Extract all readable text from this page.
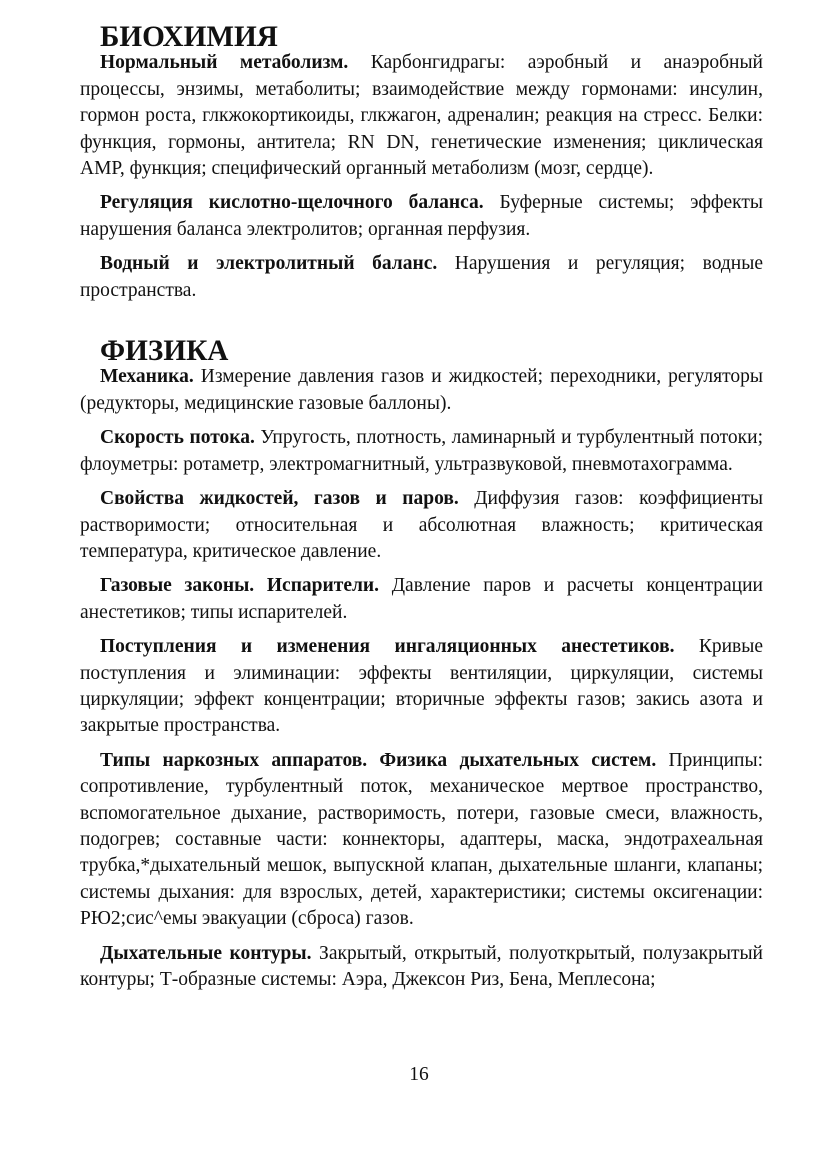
БИОХИМИЯ

Нормальный метаболизм. Карбонгидрагы: аэробный и анаэробный процессы, энзимы, метаболиты; взаимодействие между гормонами: инсулин, гормон роста, глкжокортикоиды, глкжагон, адреналин; реакция на стресс. Белки: функция, гормоны, антитела; RN DN, генетические изменения; циклическая АМР, функция; специфический органный метаболизм (мозг, сердце).

Регуляция кислотно-щелочного баланса. Буферные системы; эффекты нарушения баланса электролитов; органная перфузия.

Водный и электролитный баланс. Нарушения и регуляция; водные пространства.

ФИЗИКА

Механика. Измерение давления газов и жидкостей; переходники, регуляторы (редукторы, медицинские газовые баллоны).

Скорость потока. Упругость, плотность, ламинарный и турбулентный потоки; флоуметры: ротаметр, электромагнитный, ультразвуковой, пневмотахограмма.

Свойства жидкостей, газов и паров. Диффузия газов: коэффициенты растворимости; относительная и абсолютная влажность; критическая температура, критическое давление.

Газовые законы. Испарители. Давление паров и расчеты концентрации анестетиков; типы испарителей.

Поступления и изменения ингаляционных анестетиков. Кривые поступления и элиминации: эффекты вентиляции, циркуляции, системы циркуляции; эффект концентрации; вторичные эффекты газов; закись азота и закрытые пространства.

Типы наркозных аппаратов. Физика дыхательных систем. Принципы: сопротивление, турбулентный поток, механическое мертвое пространство, вспомогательное дыхание, растворимость, потери, газовые смеси, влажность, подогрев; составные части: коннекторы, адаптеры, маска, эндотрахеальная трубка,*дыхательный мешок, выпускной клапан, дыхательные шланги, клапаны; системы дыхания: для взрослых, детей, характеристики; системы оксигенации: РЮ2;сис^емы эвакуации (сброса) газов.

Дыхательные контуры. Закрытый, открытый, полуоткрытый, полузакрытый контуры; Т-образные системы: Аэра, Джексон Риз, Бена, Меплесона;

16
